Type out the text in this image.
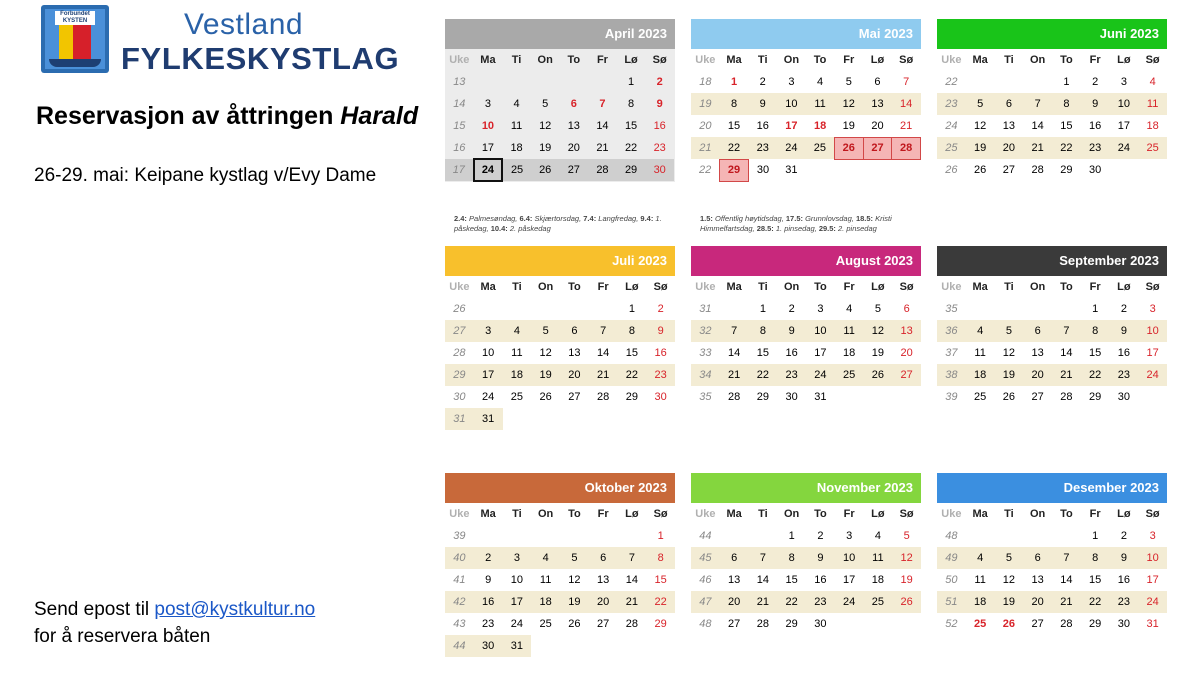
Forbundet KYSTEN	Vestland
FYLKESKYSTLAG
Reservasjon av åttringen Harald
26-29. mai: Keipane kystlag v/Evy Dame
Send epost til post@kystkultur.no
for å reservera båten
April 2023
Uke	Ma	Ti	On	To	Fr	Lø	Sø
13						1	2
14	3	4	5	6	7	8	9
15	10	11	12	13	14	15	16
16	17	18	19	20	21	22	23
17	24	25	26	27	28	29	30
Mai 2023
Uke	Ma	Ti	On	To	Fr	Lø	Sø
18	1	2	3	4	5	6	7
19	8	9	10	11	12	13	14
20	15	16	17	18	19	20	21
21	22	23	24	25	26	27	28
22	29	30	31				
Juni 2023
Uke	Ma	Ti	On	To	Fr	Lø	Sø
22				1	2	3	4
23	5	6	7	8	9	10	11
24	12	13	14	15	16	17	18
25	19	20	21	22	23	24	25
26	26	27	28	29	30		
Juli 2023
Uke	Ma	Ti	On	To	Fr	Lø	Sø
26						1	2
27	3	4	5	6	7	8	9
28	10	11	12	13	14	15	16
29	17	18	19	20	21	22	23
30	24	25	26	27	28	29	30
31	31						
August 2023
Uke	Ma	Ti	On	To	Fr	Lø	Sø
31		1	2	3	4	5	6
32	7	8	9	10	11	12	13
33	14	15	16	17	18	19	20
34	21	22	23	24	25	26	27
35	28	29	30	31			
September 2023
Uke	Ma	Ti	On	To	Fr	Lø	Sø
35					1	2	3
36	4	5	6	7	8	9	10
37	11	12	13	14	15	16	17
38	18	19	20	21	22	23	24
39	25	26	27	28	29	30	
Oktober 2023
Uke	Ma	Ti	On	To	Fr	Lø	Sø
39							1
40	2	3	4	5	6	7	8
41	9	10	11	12	13	14	15
42	16	17	18	19	20	21	22
43	23	24	25	26	27	28	29
44	30	31					
November 2023
Uke	Ma	Ti	On	To	Fr	Lø	Sø
44			1	2	3	4	5
45	6	7	8	9	10	11	12
46	13	14	15	16	17	18	19
47	20	21	22	23	24	25	26
48	27	28	29	30			
Desember 2023
Uke	Ma	Ti	On	To	Fr	Lø	Sø
48					1	2	3
49	4	5	6	7	8	9	10
50	11	12	13	14	15	16	17
51	18	19	20	21	22	23	24
52	25	26	27	28	29	30	31
2.4: Palmesøndag, 6.4: Skjærtorsdag, 7.4: Langfredag, 9.4: 1. påskedag, 10.4: 2. påskedag
1.5: Offentlig høytidsdag, 17.5: Grunnlovsdag, 18.5: Kristi Himmelfartsdag, 28.5: 1. pinsedag, 29.5: 2. pinsedag
